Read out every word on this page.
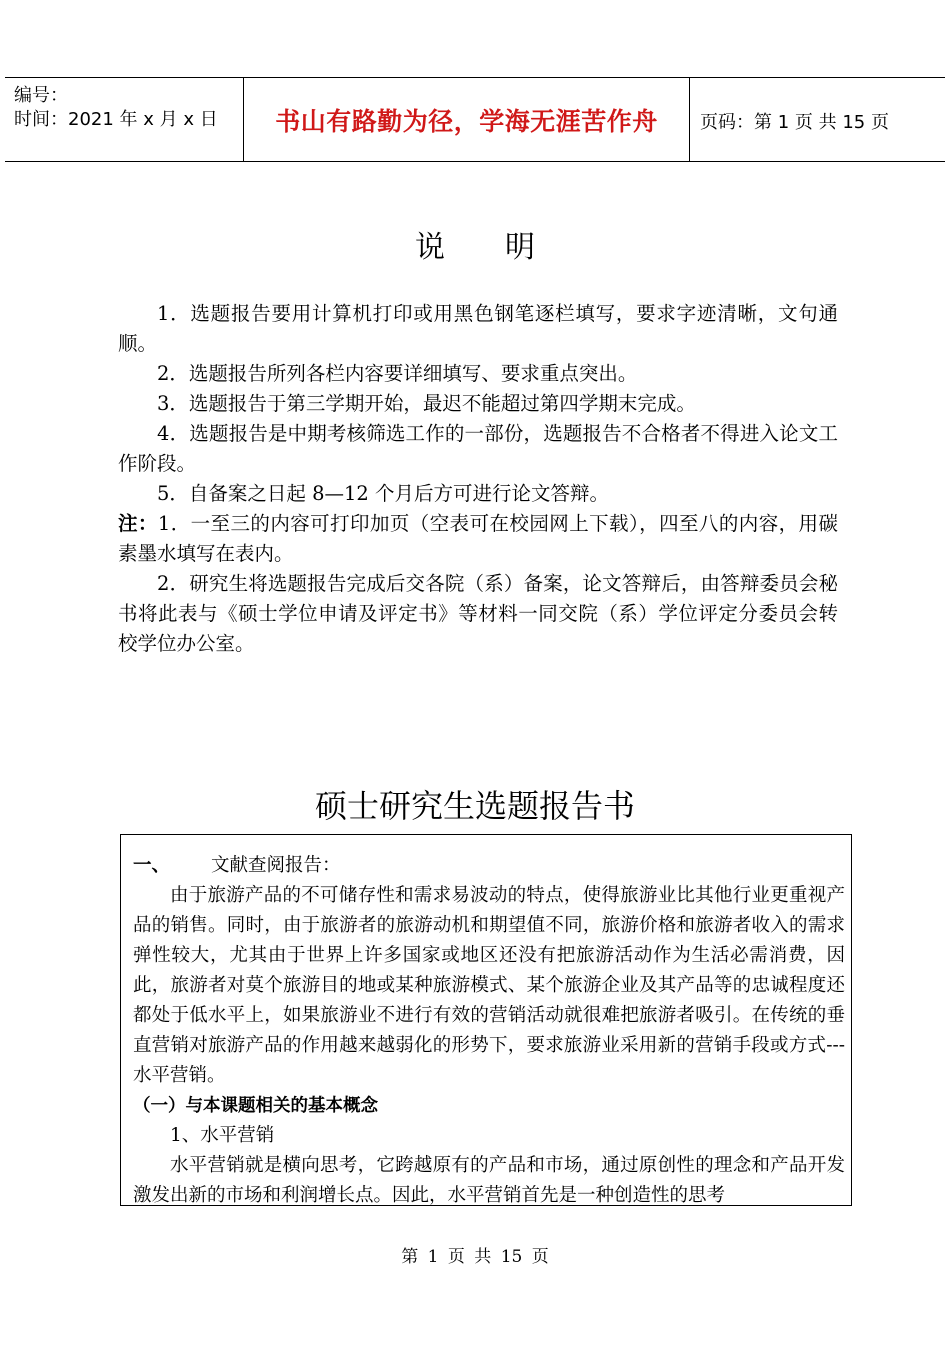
编号：
时间：2021 年 x 月 x 日	书山有路勤为径，学海无涯苦作舟	页码：第 1 页 共 15 页
说　　明

1．选题报告要用计算机打印或用黑色钢笔逐栏填写，要求字迹清晰，文句通顺。

2．选题报告所列各栏内容要详细填写、要求重点突出。

3．选题报告于第三学期开始，最迟不能超过第四学期末完成。

4．选题报告是中期考核筛选工作的一部份，选题报告不合格者不得进入论文工作阶段。

5．自备案之日起 8—12 个月后方可进行论文答辩。

注：1．一至三的内容可打印加页（空表可在校园网上下载），四至八的内容，用碳素墨水填写在表内。

2．研究生将选题报告完成后交各院（系）备案，论文答辩后，由答辩委员会秘书将此表与《硕士学位申请及评定书》等材料一同交院（系）学位评定分委员会转校学位办公室。

硕士研究生选题报告书
一、 文献查阅报告：

由于旅游产品的不可储存性和需求易波动的特点，使得旅游业比其他行业更重视产品的销售。同时，由于旅游者的旅游动机和期望值不同，旅游价格和旅游者收入的需求弹性较大，尤其由于世界上许多国家或地区还没有把旅游活动作为生活必需消费，因此，旅游者对莫个旅游目的地或某种旅游模式、某个旅游企业及其产品等的忠诚程度还都处于低水平上，如果旅游业不进行有效的营销活动就很难把旅游者吸引。在传统的垂直营销对旅游产品的作用越来越弱化的形势下，要求旅游业采用新的营销手段或方式---水平营销。

（一）与本课题相关的基本概念

1、水平营销

水平营销就是横向思考，它跨越原有的产品和市场，通过原创性的理念和产品开发激发出新的市场和利润增长点。因此，水平营销首先是一种创造性的思考

第 1 页 共 15 页
